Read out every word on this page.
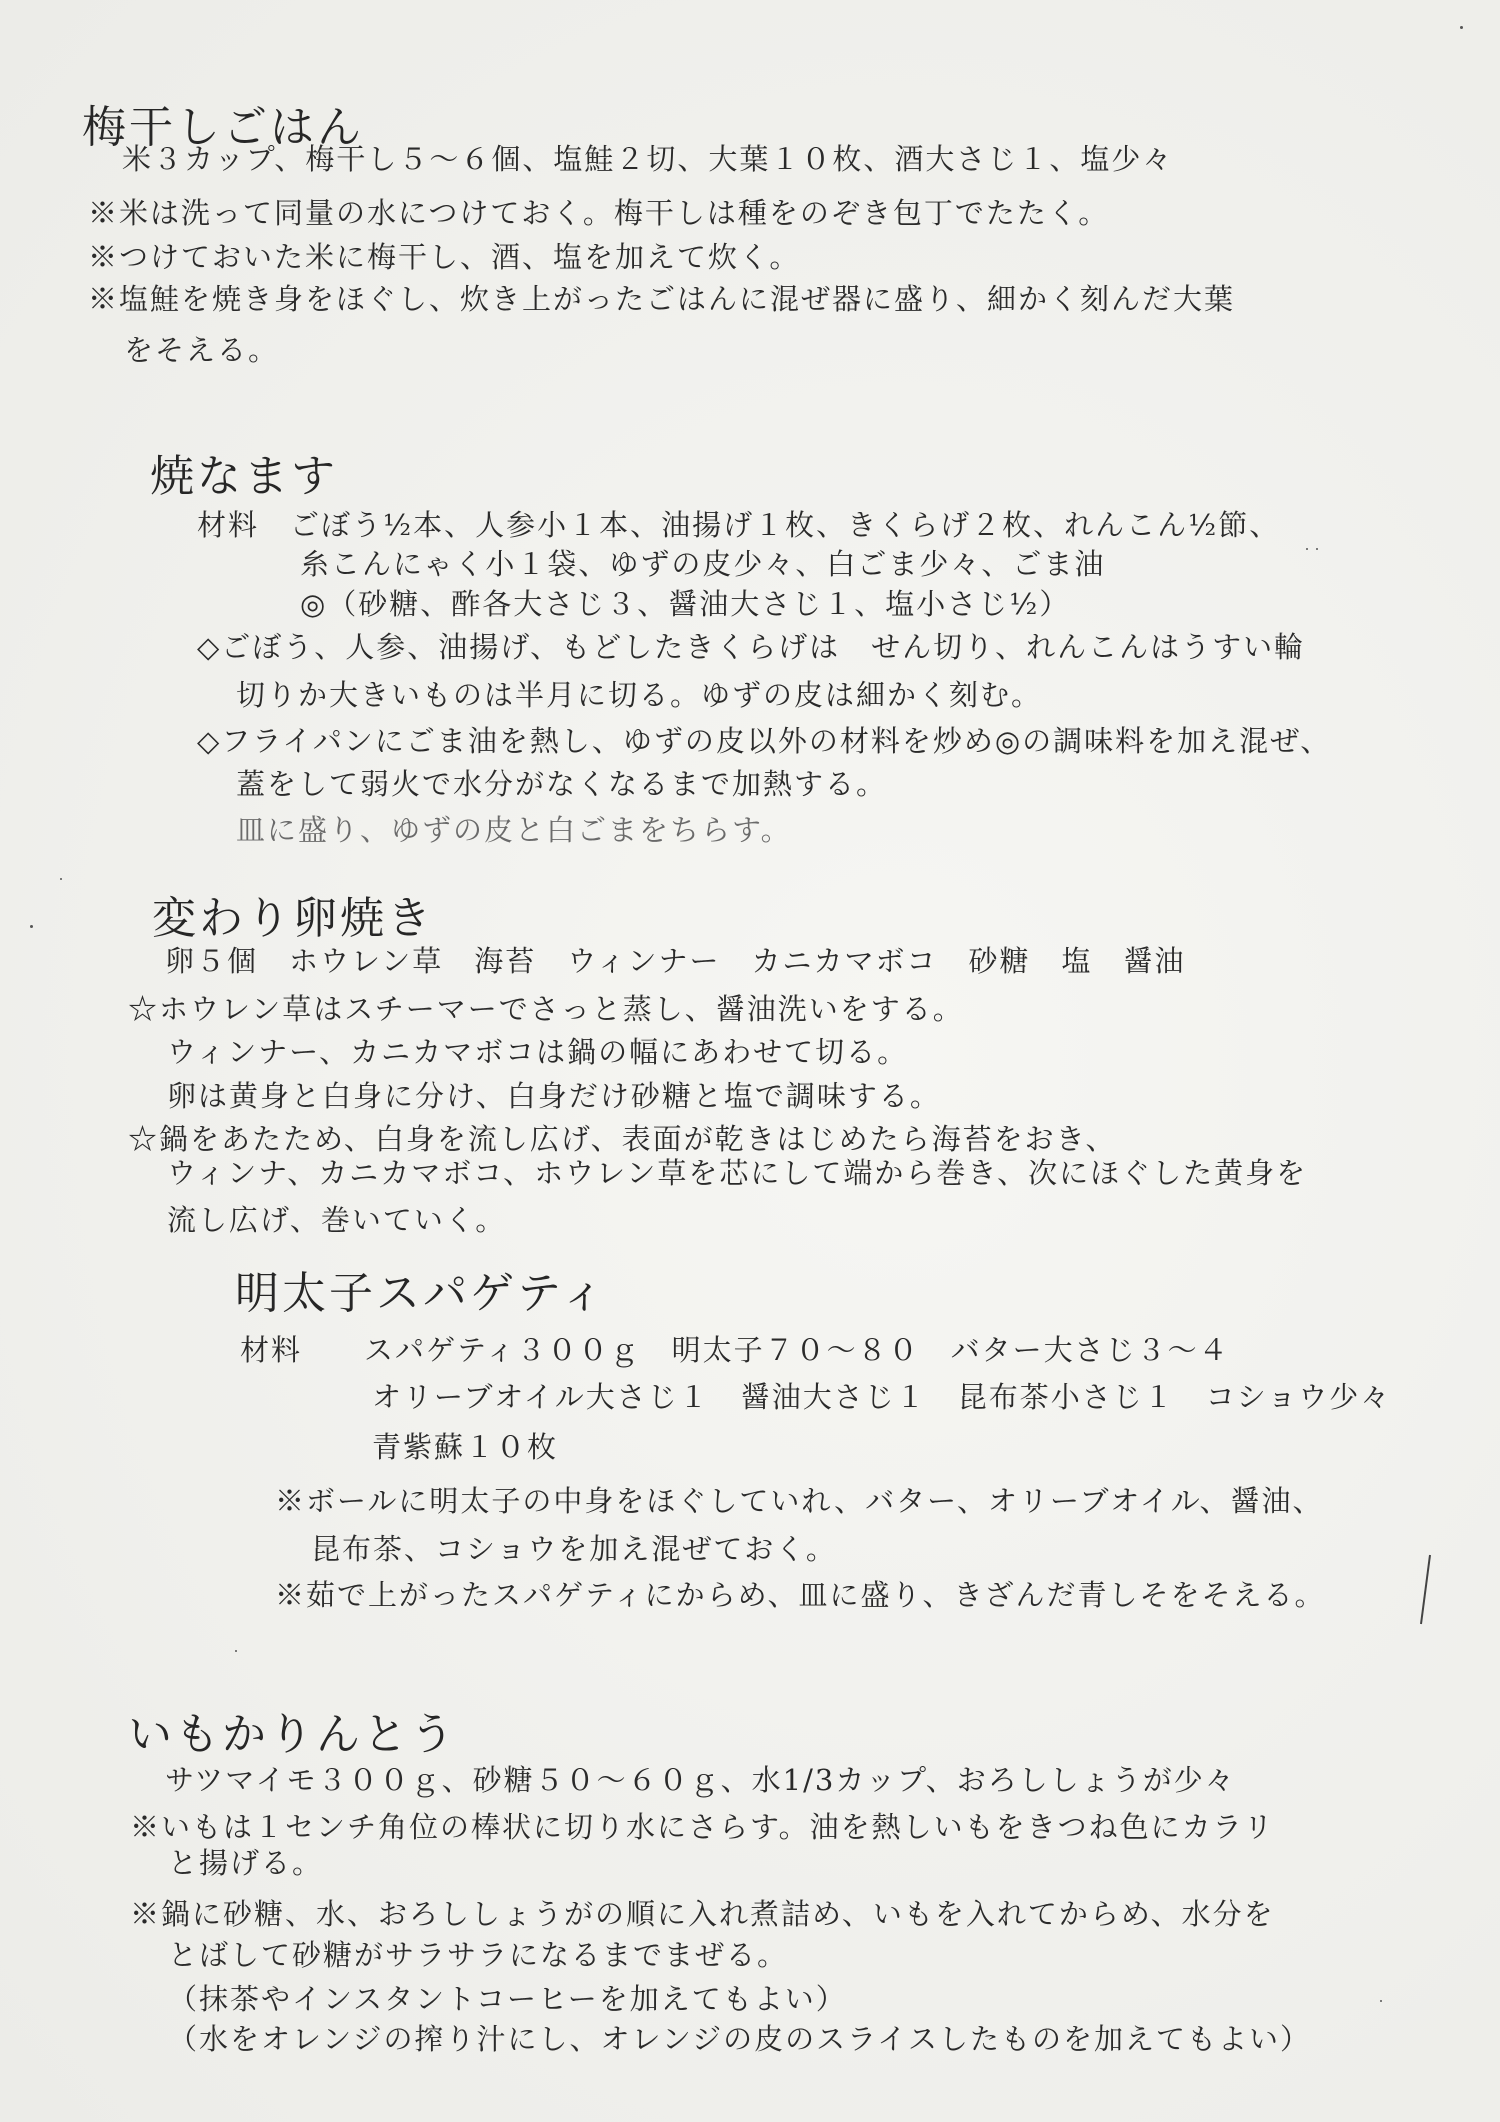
梅干しごはん
米３カップ、梅干し５～６個、塩鮭２切、大葉１０枚、酒大さじ１、塩少々
※米は洗って同量の水につけておく。梅干しは種をのぞき包丁でたたく。
※つけておいた米に梅干し、酒、塩を加えて炊く。
※塩鮭を焼き身をほぐし、炊き上がったごはんに混ぜ器に盛り、細かく刻んだ大葉
をそえる。
焼なます
材料　ごぼう½本、人参小１本、油揚げ１枚、きくらげ２枚、れんこん½節、
糸こんにゃく小１袋、ゆずの皮少々、白ごま少々、ごま油
◎（砂糖、酢各大さじ３、醤油大さじ１、塩小さじ½）
◇ごぼう、人参、油揚げ、もどしたきくらげは　せん切り、れんこんはうすい輪
切りか大きいものは半月に切る。ゆずの皮は細かく刻む。
◇フライパンにごま油を熱し、ゆずの皮以外の材料を炒め◎の調味料を加え混ぜ、
蓋をして弱火で水分がなくなるまで加熱する。
皿に盛り、ゆずの皮と白ごまをちらす。
変わり卵焼き
卵５個　ホウレン草　海苔　ウィンナー　カニカマボコ　砂糖　塩　醤油
☆ホウレン草はスチーマーでさっと蒸し、醤油洗いをする。
ウィンナー、カニカマボコは鍋の幅にあわせて切る。
卵は黄身と白身に分け、白身だけ砂糖と塩で調味する。
☆鍋をあたため、白身を流し広げ、表面が乾きはじめたら海苔をおき、
ウィンナ、カニカマボコ、ホウレン草を芯にして端から巻き、次にほぐした黄身を
流し広げ、巻いていく。
明太子スパゲティ
材料　　スパゲティ３００ｇ　明太子７０～８０　バター大さじ３～４
オリーブオイル大さじ１　醤油大さじ１　昆布茶小さじ１　コショウ少々
青紫蘇１０枚
※ボールに明太子の中身をほぐしていれ、バター、オリーブオイル、醤油、
昆布茶、コショウを加え混ぜておく。
※茹で上がったスパゲティにからめ、皿に盛り、きざんだ青しそをそえる。
いもかりんとう
サツマイモ３００ｇ、砂糖５０～６０ｇ、水1/3カップ、おろししょうが少々
※いもは１センチ角位の棒状に切り水にさらす。油を熱しいもをきつね色にカラリ
と揚げる。
※鍋に砂糖、水、おろししょうがの順に入れ煮詰め、いもを入れてからめ、水分を
とばして砂糖がサラサラになるまでまぜる。
（抹茶やインスタントコーヒーを加えてもよい）
（水をオレンジの搾り汁にし、オレンジの皮のスライスしたものを加えてもよい）
